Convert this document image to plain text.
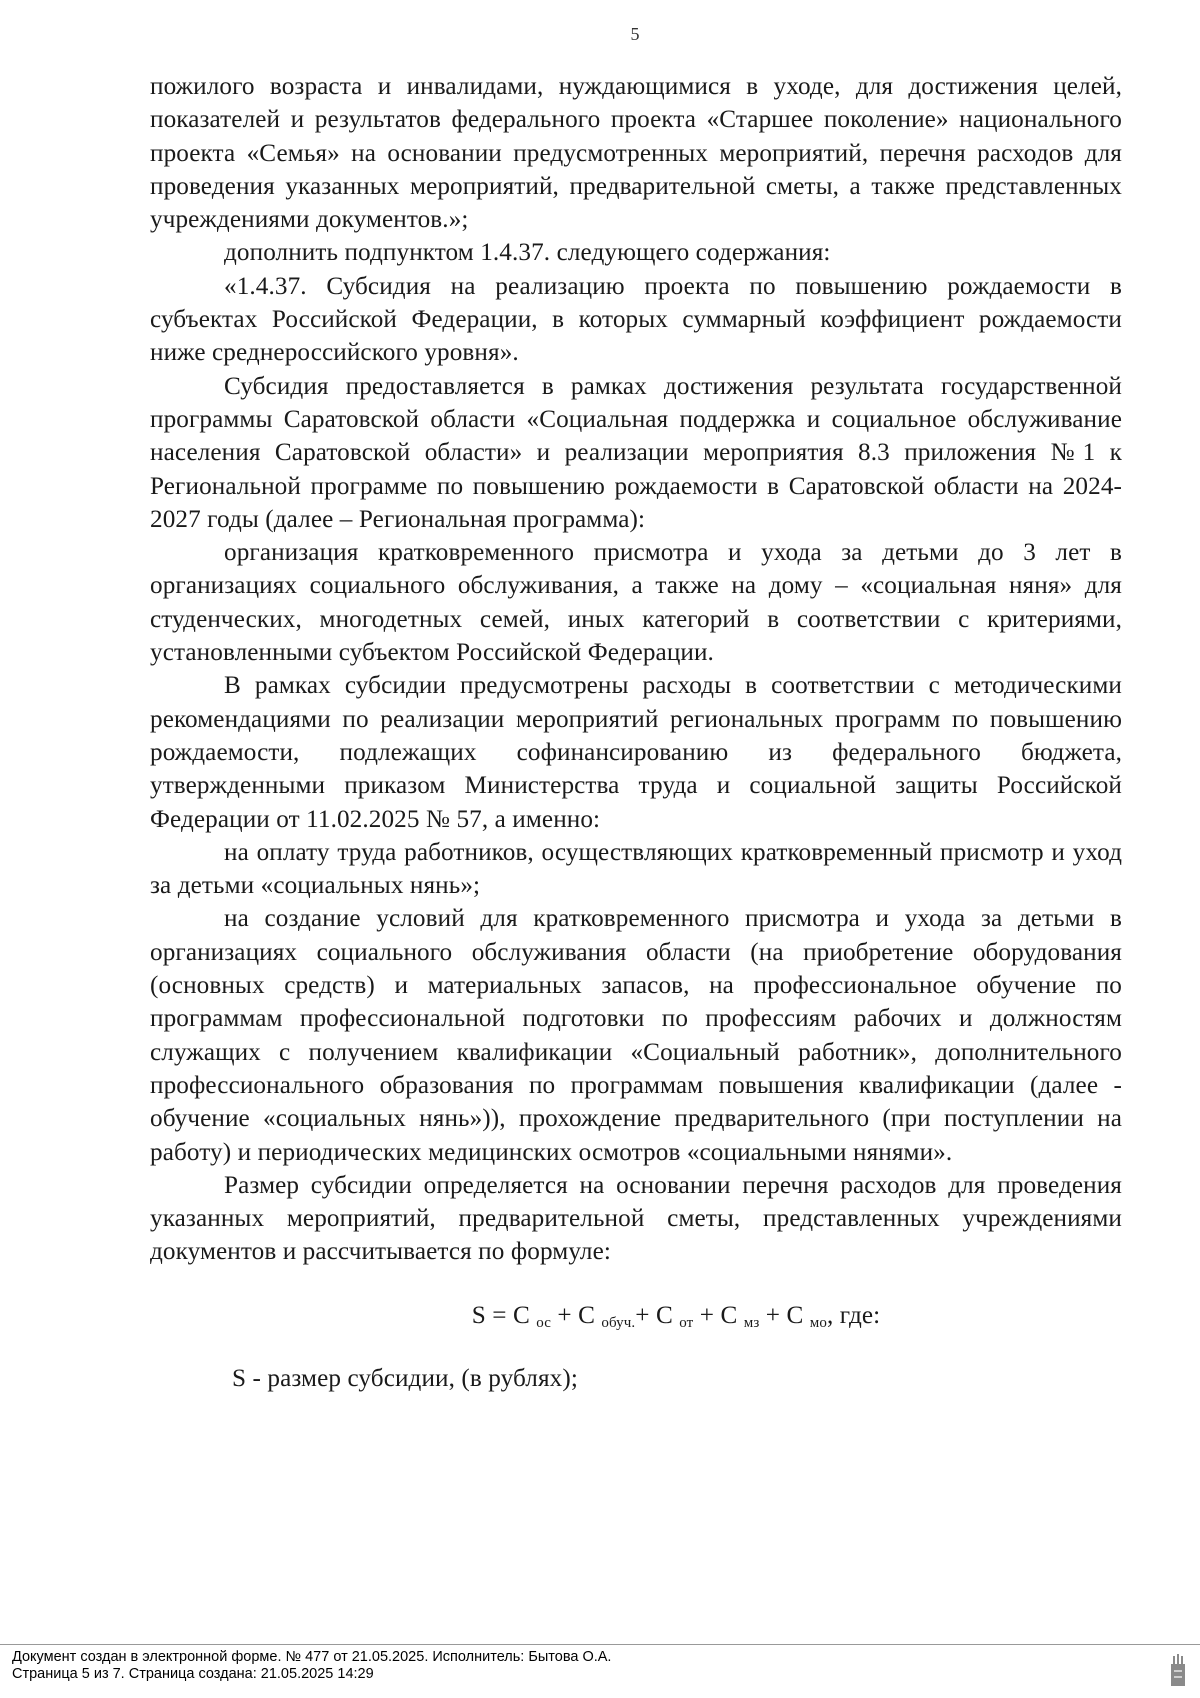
5

пожилого возраста и инвалидами, нуждающимися в уходе, для достижения целей, показателей и результатов федерального проекта «Старшее поколение» национального проекта «Семья» на основании предусмотренных мероприятий, перечня расходов для проведения указанных мероприятий, предварительной сметы, а также представленных учреждениями документов.»;

дополнить подпунктом 1.4.37. следующего содержания:

«1.4.37. Субсидия на реализацию проекта по повышению рождаемости в субъектах Российской Федерации, в которых суммарный коэффициент рождаемости ниже среднероссийского уровня».

Субсидия предоставляется в рамках достижения результата государственной программы Саратовской области «Социальная поддержка и социальное обслуживание населения Саратовской области» и реализации мероприятия 8.3 приложения №1 к Региональной программе по повышению рождаемости в Саратовской области на 2024-2027 годы (далее – Региональная программа):

организация кратковременного присмотра и ухода за детьми до 3 лет в организациях социального обслуживания, а также на дому – «социальная няня» для студенческих, многодетных семей, иных категорий в соответствии с критериями, установленными субъектом Российской Федерации.

В рамках субсидии предусмотрены расходы в соответствии с методическими рекомендациями по реализации мероприятий региональных программ по повышению рождаемости, подлежащих софинансированию из федерального бюджета, утвержденными приказом Министерства труда и социальной защиты Российской Федерации от 11.02.2025 № 57, а именно:

на оплату труда работников, осуществляющих кратковременный присмотр и уход за детьми «социальных нянь»;

на создание условий для кратковременного присмотра и ухода за детьми в организациях социального обслуживания области (на приобретение оборудования (основных средств) и материальных запасов, на профессиональное обучение по программам профессиональной подготовки по профессиям рабочих и должностям служащих с получением квалификации «Социальный работник», дополнительного профессионального образования по программам повышения квалификации (далее - обучение «социальных нянь»)), прохождение предварительного (при поступлении на работу) и периодических медицинских осмотров «социальными нянями».

Размер субсидии определяется на основании перечня расходов для проведения указанных мероприятий, предварительной сметы, представленных учреждениями документов и рассчитывается по формуле:

S = C $_{ос}$ + C $_{обуч.}$+ C $_{от}$ + C $_{мз}$ + C $_{мо}$, где:

S - размер субсидии, (в рублях);

Документ создан в электронной форме. № 477 от 21.05.2025. Исполнитель: Бытова О.А.
Страница 5 из 7. Страница создана: 21.05.2025 14:29
